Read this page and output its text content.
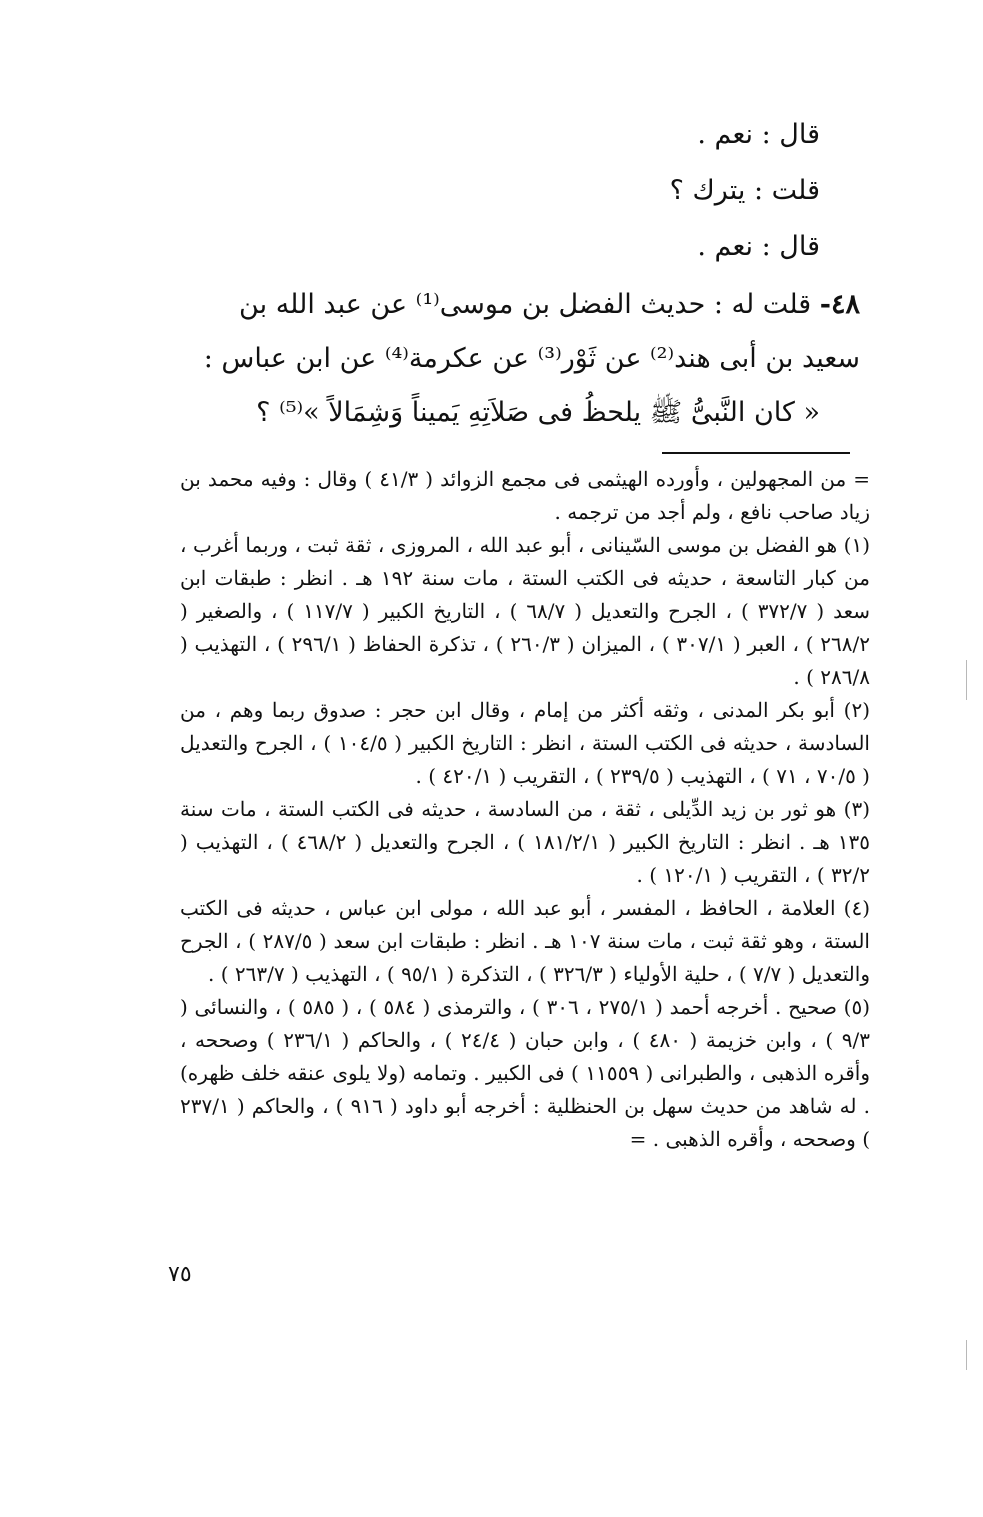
قال : نعم .
قلت : يترك ؟
قال : نعم .

٤٨- قلت له : حديث الفضل بن موسى⁽¹⁾ عن عبد الله بن

سعيد بن أبى هند⁽²⁾ عن ثَوْر⁽³⁾ عن عكرمة⁽⁴⁾ عن ابن عباس :

« كان النَّبىُّ ﷺ يلحظُ فى صَلاَتِهِ يَميناً وَشِمَالاً »⁽⁵⁾ ؟

= من المجهولين ، وأورده الهيثمى فى مجمع الزوائد ( ٤١/٣ ) وقال : وفيه محمد بن زياد صاحب نافع ، ولم أجد من ترجمه .

(١) هو الفضل بن موسى السّينانى ، أبو عبد الله ، المروزى ، ثقة ثبت ، وربما أغرب ، من كبار التاسعة ، حديثه فى الكتب الستة ، مات سنة ١٩٢ هـ . انظر : طبقات ابن سعد ( ٣٧٢/٧ ) ، الجرح والتعديل ( ٦٨/٧ ) ، التاريخ الكبير ( ١١٧/٧ ) ، والصغير ( ٢٦٨/٢ ) ، العبر ( ٣٠٧/١ ) ، الميزان ( ٢٦٠/٣ ) ، تذكرة الحفاظ ( ٢٩٦/١ ) ، التهذيب ( ٢٨٦/٨ ) .

(٢) أبو بكر المدنى ، وثقه أكثر من إمام ، وقال ابن حجر : صدوق ربما وهم ، من السادسة ، حديثه فى الكتب الستة ، انظر : التاريخ الكبير ( ١٠٤/٥ ) ، الجرح والتعديل ( ٧٠/٥ ، ٧١ ) ، التهذيب ( ٢٣٩/٥ ) ، التقريب ( ٤٢٠/١ ) .

(٣) هو ثور بن زيد الدِّيلى ، ثقة ، من السادسة ، حديثه فى الكتب الستة ، مات سنة ١٣٥ هـ . انظر : التاريخ الكبير ( ١٨١/٢/١ ) ، الجرح والتعديل ( ٤٦٨/٢ ) ، التهذيب ( ٣٢/٢ ) ، التقريب ( ١٢٠/١ ) .

(٤) العلامة ، الحافظ ، المفسر ، أبو عبد الله ، مولى ابن عباس ، حديثه فى الكتب الستة ، وهو ثقة ثبت ، مات سنة ١٠٧ هـ . انظر : طبقات ابن سعد ( ٢٨٧/٥ ) ، الجرح والتعديل ( ٧/٧ ) ، حلية الأولياء ( ٣٢٦/٣ ) ، التذكرة ( ٩٥/١ ) ، التهذيب ( ٢٦٣/٧ ) .

(٥) صحيح . أخرجه أحمد ( ٢٧٥/١ ، ٣٠٦ ) ، والترمذى ( ٥٨٤ ) ، ( ٥٨٥ ) ، والنسائى ( ٩/٣ ) ، وابن خزيمة ( ٤٨٠ ) ، وابن حبان ( ٢٤/٤ ) ، والحاكم ( ٢٣٦/١ ) وصححه ، وأقره الذهبى ، والطبرانى ( ١١٥٥٩ ) فى الكبير . وتمامه (ولا يلوى عنقه خلف ظهره) . له شاهد من حديث سهل بن الحنظلية : أخرجه أبو داود ( ٩١٦ ) ، والحاكم ( ٢٣٧/١ ) وصححه ، وأقره الذهبى . =

٧٥
